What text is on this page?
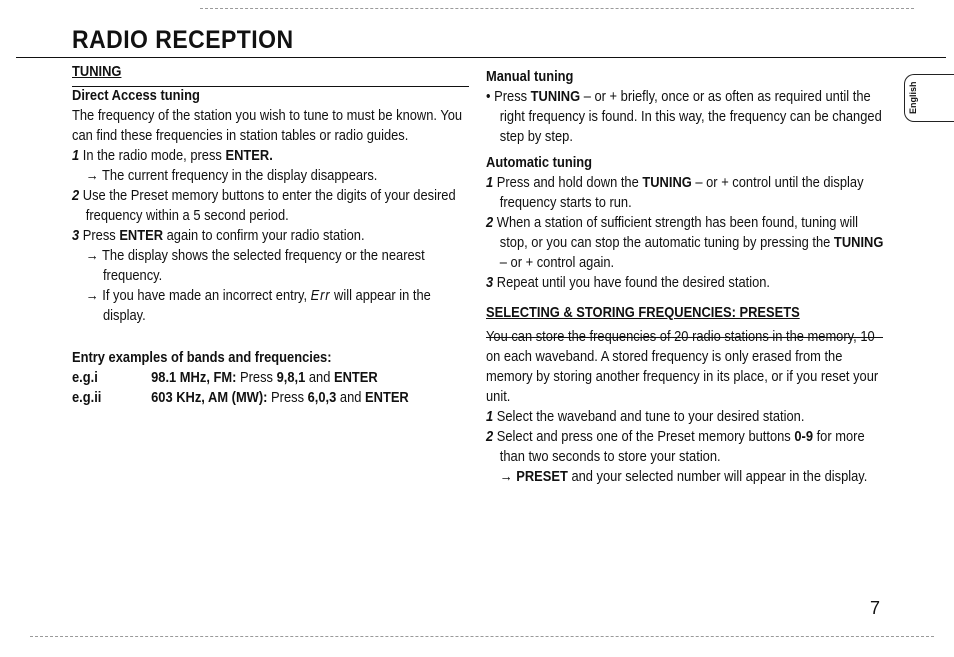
RADIO RECEPTION

TUNING

Direct Access tuning

The frequency of the station you wish to tune to must be known. You can find these frequencies in station tables or radio guides.

1 In the radio mode, press ENTER.

→ The current frequency in the display disappears.

2 Use the Preset memory buttons to enter the digits of your desired frequency within a 5 second period.

3 Press ENTER again to confirm your radio station.

→ The display shows the selected frequency or the nearest frequency.

→ If you have made an incorrect entry, Err will appear in the display.

Entry examples of bands and frequencies:

e.g.i	98.1 MHz, FM: Press 9,8,1 and ENTER
e.g.ii	603 KHz, AM (MW): Press 6,0,3 and ENTER

Manual tuning

• Press TUNING – or + briefly, once or as often as required until the right frequency is found. In this way, the frequency can be changed step by step.

Automatic tuning

1 Press and hold down the TUNING – or + control until the display frequency starts to run.

2 When a station of sufficient strength has been found, tuning will stop, or you can stop the automatic tuning by pressing the TUNING – or + control again.

3 Repeat until you have found the desired station.

SELECTING & STORING FREQUENCIES: PRESETS

You can store the frequencies of 20 radio stations in the memory, 10 on each waveband. A stored frequency is only erased from the memory by storing another frequency in its place, or if you reset your unit.

1 Select the waveband and tune to your desired station.

2 Select and press one of the Preset memory buttons 0-9 for more than two seconds to store your station.

→ PRESET and your selected number will appear in the display.

English
7
